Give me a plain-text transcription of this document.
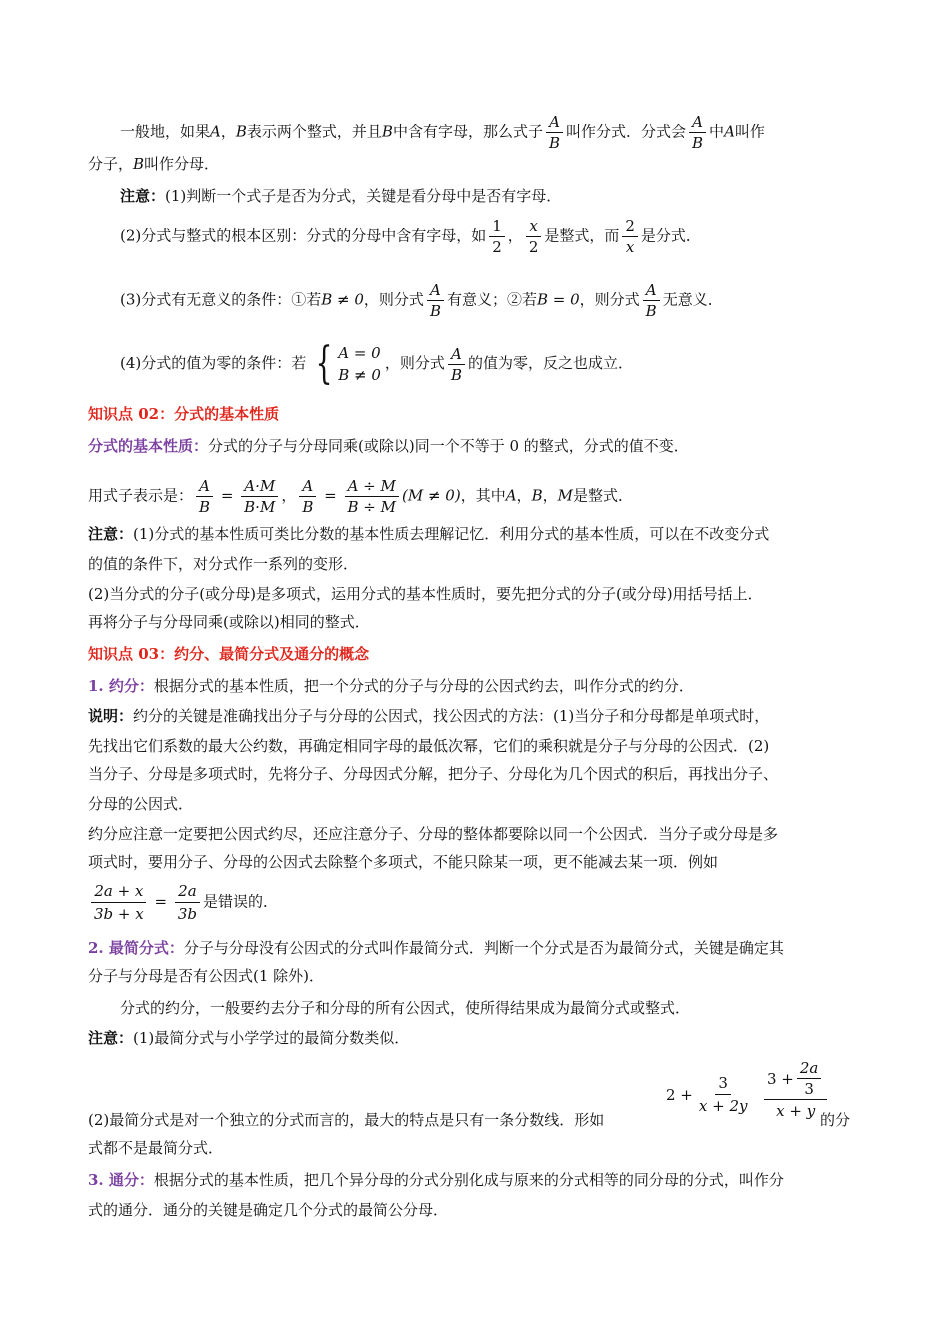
一般地，如果A，B表示两个整式，并且B中含有字母，那么式子 $\frac{A}{B}$ 叫作分式．分式会 $\frac{A}{B}$ 中A叫作
分子，B叫作分母．
注意：(1)判断一个式子是否为分式，关键是看分母中是否有字母．
(2)分式与整式的根本区别：分式的分母中含有字母，如 $\frac{1}{2}$ ， $\frac{x}{2}$ 是整式，而 $\frac{2}{x}$ 是分式．
(3)分式有无意义的条件：①若B ≠ 0，则分式 $\frac{A}{B}$ 有意义；②若B = 0，则分式 $\frac{A}{B}$ 无意义．
(4)分式的值为零的条件：若 { A = 0
B ≠ 0
，则分式 $\frac{A}{B}$ 的值为零，反之也成立．
知识点 02：分式的基本性质
分式的基本性质：分式的分子与分母同乘(或除以)同一个不等于 0 的整式，分式的值不变．
用式子表示是： $\frac{A}{B} = \frac{A\cdot M}{B\cdot M}$ ， $\frac{A}{B} = \frac{A \div M}{B \div M} (M \ne 0)$，其中A，B，M是整式．
注意：(1)分式的基本性质可类比分数的基本性质去理解记忆．利用分式的基本性质，可以在不改变分式
的值的条件下，对分式作一系列的变形．
(2)当分式的分子(或分母)是多项式，运用分式的基本性质时，要先把分式的分子(或分母)用括号括上．
再将分子与分母同乘(或除以)相同的整式．
知识点 03：约分、最简分式及通分的概念
1. 约分：根据分式的基本性质，把一个分式的分子与分母的公因式约去，叫作分式的约分．
说明：约分的关键是准确找出分子与分母的公因式，找公因式的方法：(1)当分子和分母都是单项式时，
先找出它们系数的最大公约数，再确定相同字母的最低次幂，它们的乘积就是分子与分母的公因式．(2)
当分子、分母是多项式时，先将分子、分母因式分解，把分子、分母化为几个因式的积后，再找出分子、
分母的公因式．
约分应注意一定要把公因式约尽，还应注意分子、分母的整体都要除以同一个公因式．当分子或分母是多
项式时，要用分子、分母的公因式去除整个多项式，不能只除某一项，更不能减去某一项．例如
$\frac{2a + x}{3b + x} = \frac{2a}{3b}$ 是错误的．
2. 最简分式：分子与分母没有公因式的分式叫作最简分式．判断一个分式是否为最简分式，关键是确定其
分子与分母是否有公因式(1 除外)．
分式的约分，一般要约去分子和分母的所有公因式，使所得结果成为最简分式或整式．
注意：(1)最简分式与小学学过的最简分数类似．
(2)最简分式是对一个独立的分式而言的，最大的特点是只有一条分数线．形如
$2 + \frac{3}{x + 2y} 3 + \frac{2a}{3}$
x + y 的分
式都不是最简分式．
3. 通分：根据分式的基本性质，把几个异分母的分式分别化成与原来的分式相等的同分母的分式，叫作分
式的通分．通分的关键是确定几个分式的最简公分母．
